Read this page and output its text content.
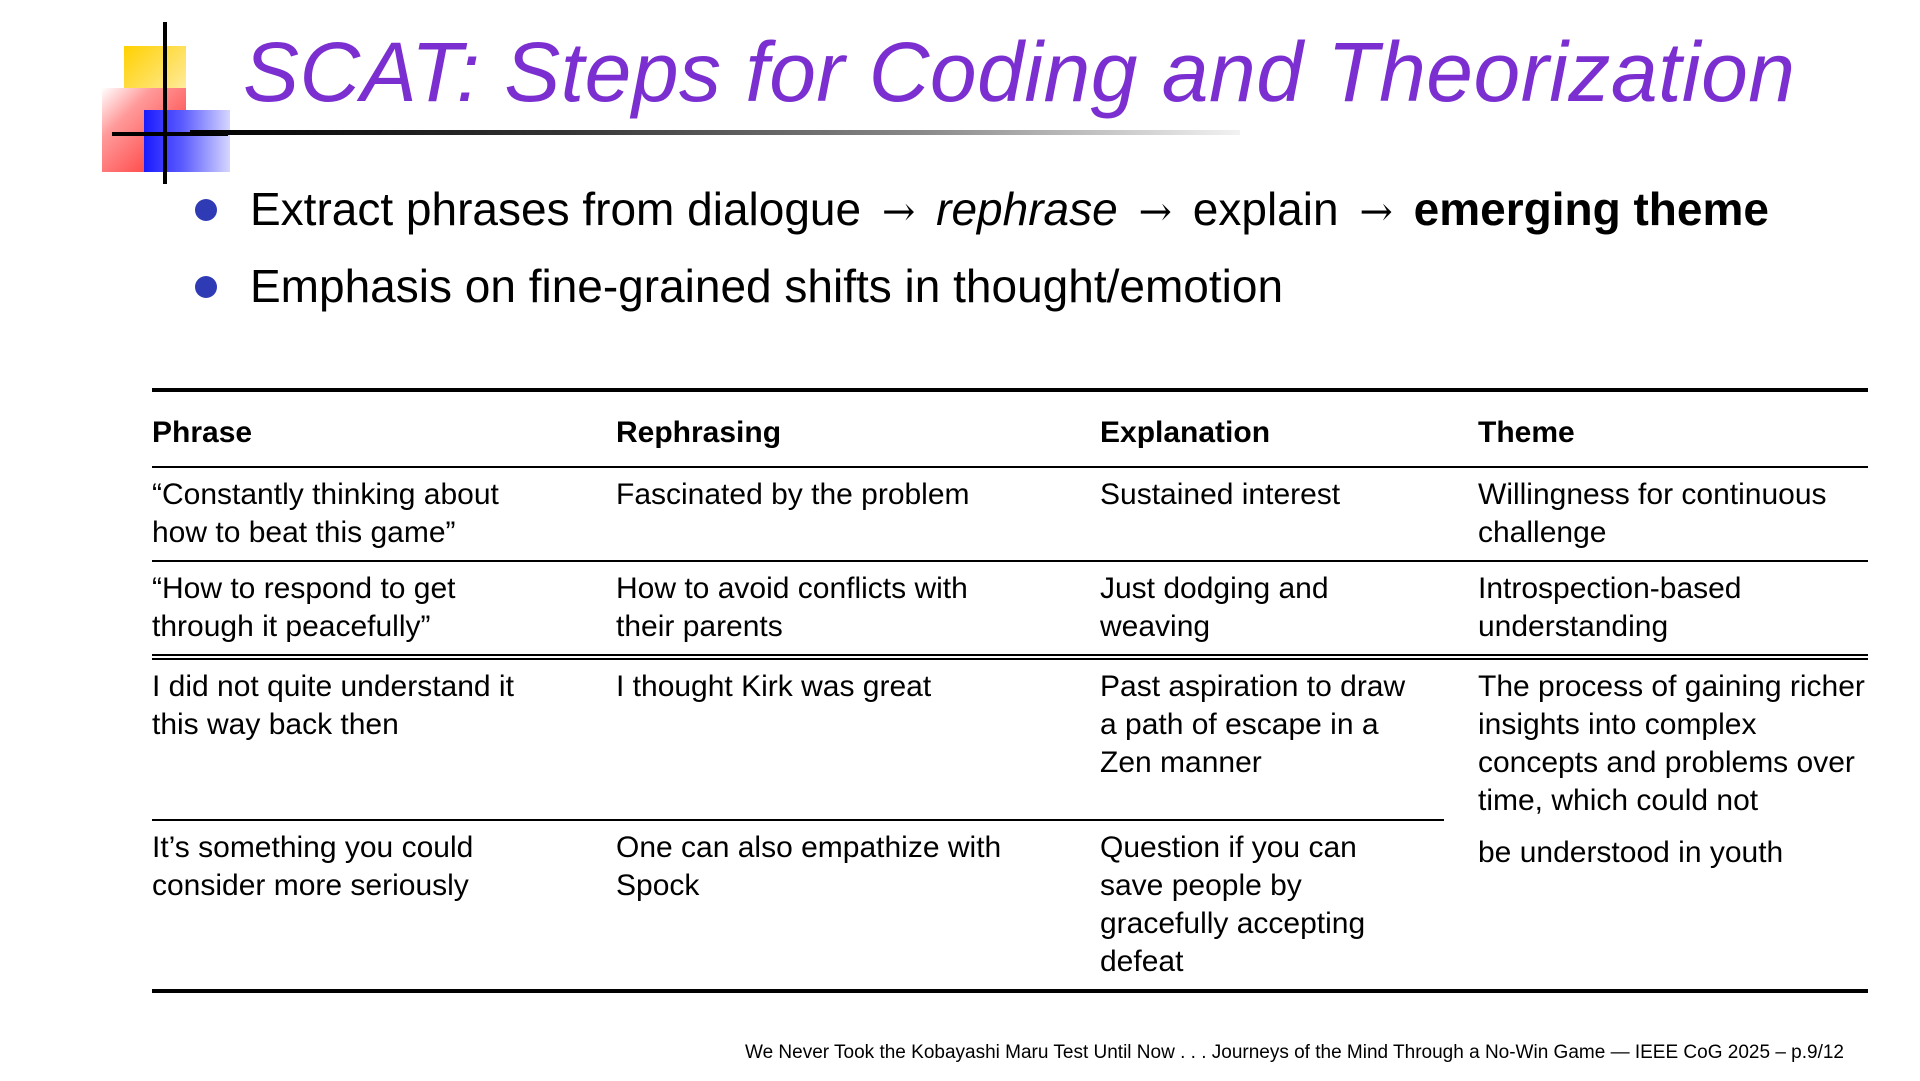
SCAT: Steps for Coding and Theorization
Extract phrases from dialogue → rephrase → explain → emerging theme
Emphasis on fine-grained shifts in thought/emotion
Phrase	Rephrasing	Explanation	Theme
“Constantly thinking about how to beat this game”	Fascinated by the problem	Sustained interest	Willingness for continuous challenge
“How to respond to get through it peacefully”	How to avoid conflicts with their parents	Just dodging and weaving	Introspection-based understanding
I did not quite understand it this way back then	I thought Kirk was great	Past aspiration to draw a path of escape in a Zen manner	The process of gaining richer insights into complex concepts and problems over time, which could not
It’s something you could consider more seriously	One can also empathize with Spock	Question if you can save people by gracefully accepting defeat	be understood in youth
We Never Took the Kobayashi Maru Test Until Now . . . Journeys of the Mind Through a No-Win Game — IEEE CoG 2025 – p.9/12
